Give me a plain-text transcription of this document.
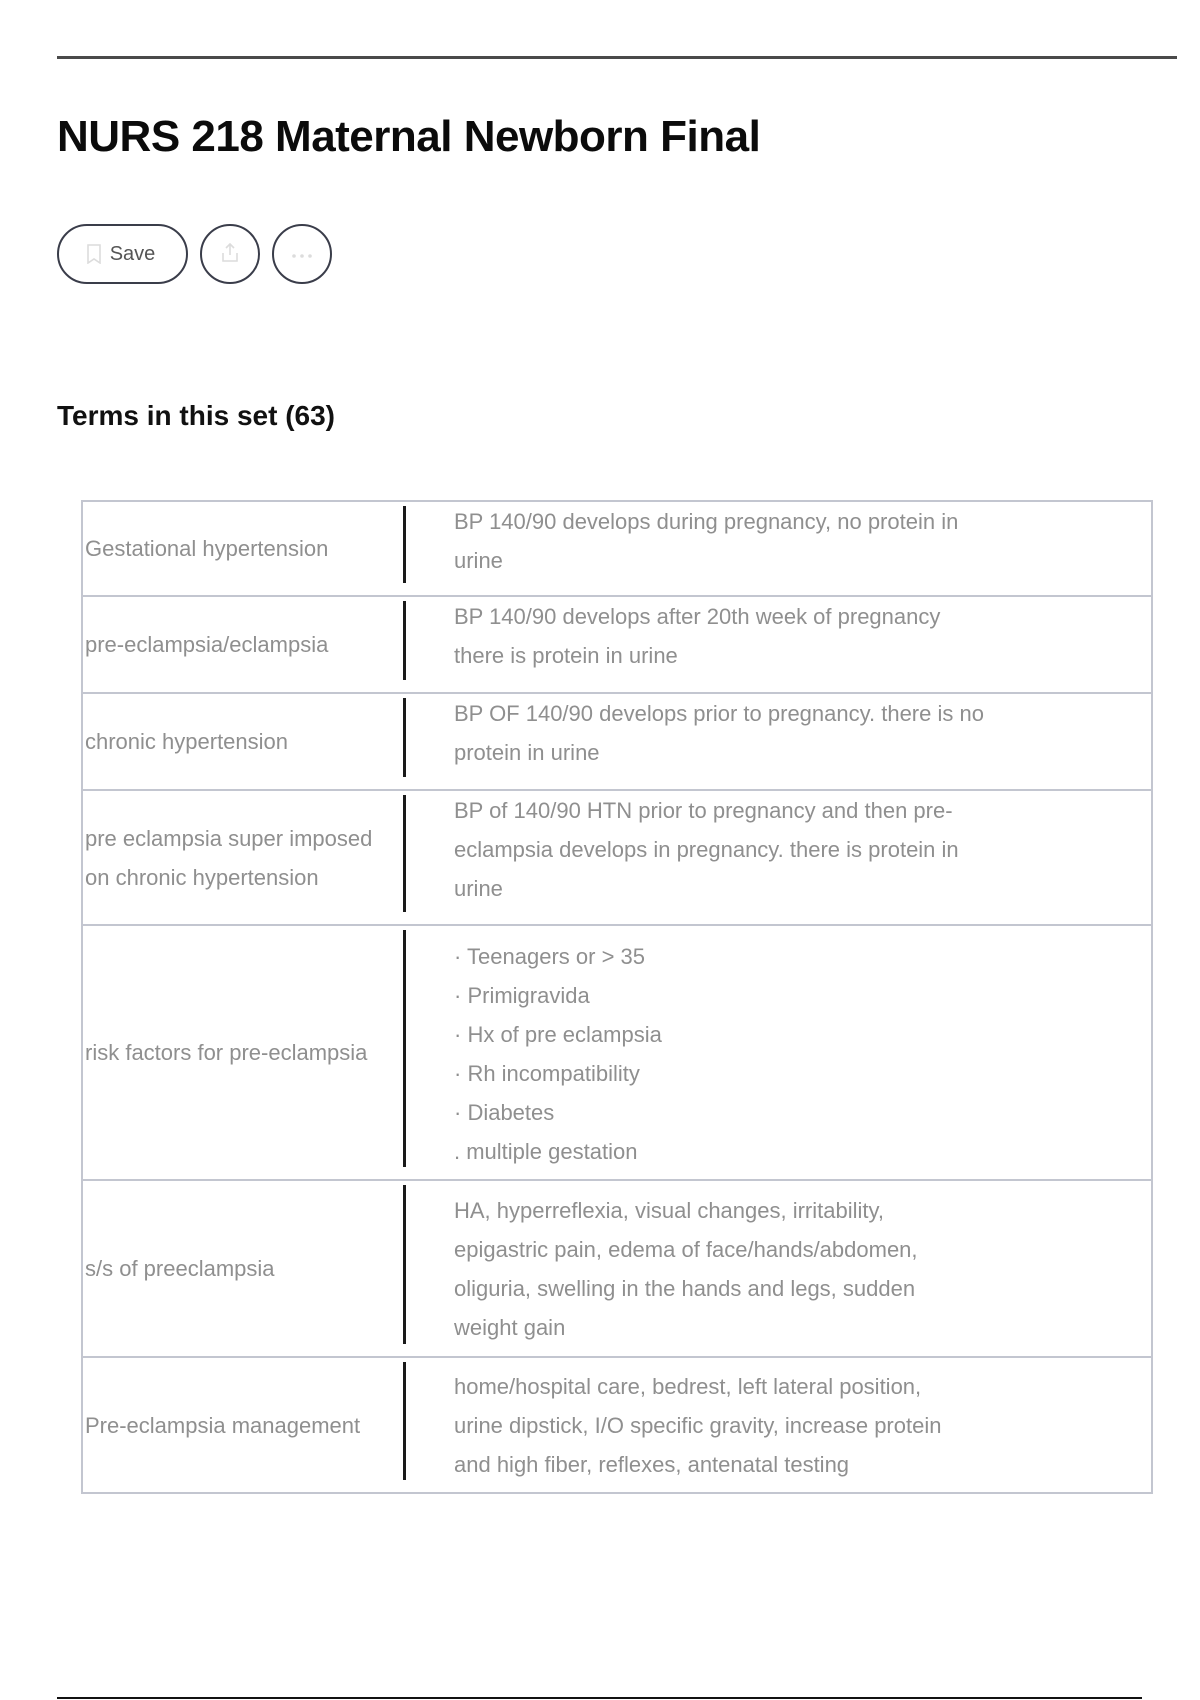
NURS 218 Maternal Newborn Final
Save
Terms in this set (63)
Gestational hypertension
BP 140/90 develops during pregnancy, no protein in
urine
pre-eclampsia/eclampsia
BP 140/90 develops after 20th week of pregnancy
there is protein in urine
chronic hypertension
BP OF 140/90 develops prior to pregnancy. there is no
protein in urine
pre eclampsia super imposed on chronic hypertension
BP of 140/90 HTN prior to pregnancy and then pre-
eclampsia develops in pregnancy. there is protein in
urine
risk factors for pre-eclampsia
· Teenagers or > 35
· Primigravida
· Hx of pre eclampsia
· Rh incompatibility
· Diabetes
. multiple gestation
s/s of preeclampsia
HA, hyperreflexia, visual changes, irritability,
epigastric pain, edema of face/hands/abdomen,
oliguria, swelling in the hands and legs, sudden
weight gain
Pre-eclampsia management
home/hospital care, bedrest, left lateral position,
urine dipstick, I/O specific gravity, increase protein
and high fiber, reflexes, antenatal testing
